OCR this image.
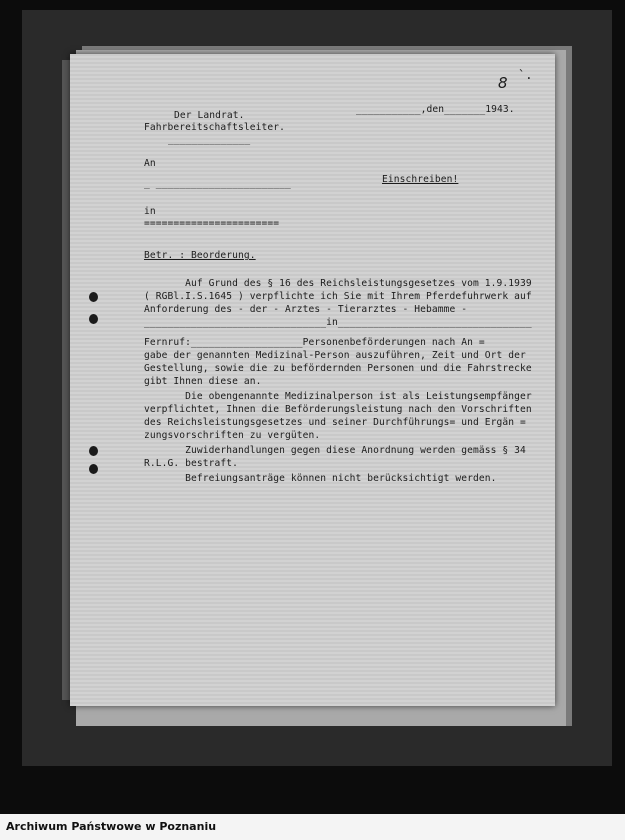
8 `.
Der Landrat.
Fahrbereitschaftsleiter.
___________,den_______1943.
______________
An
_ _______________________	Einschreiben!
in
=======================
Betr. : Beorderung.
Auf Grund des § 16 des Reichsleistungsgesetzes vom 1.9.1939
( RGBl.I.S.1645 ) verpflichte ich Sie mit Ihrem Pferdefuhrwerk auf
Anforderung des - der - Arztes - Tierarztes - Hebamme -
_______________________________in_________________________________
Fernruf:___________________Personenbeförderungen nach An =
gabe der genannten Medizinal-Person auszuführen, Zeit und Ort der
Gestellung, sowie die zu befördernden Personen und die Fahrstrecke
gibt Ihnen diese an.
Die obengenannte Medizinalperson ist als Leistungsempfänger
verpflichtet, Ihnen die Beförderungsleistung nach den Vorschriften
des Reichsleistungsgesetzes und seiner Durchführungs= und Ergän =
zungsvorschriften zu vergüten.
Zuwiderhandlungen gegen diese Anordnung werden gemäss § 34
R.L.G. bestraft.
Befreiungsanträge können nicht berücksichtigt werden.
Archiwum Państwowe w Poznaniu
